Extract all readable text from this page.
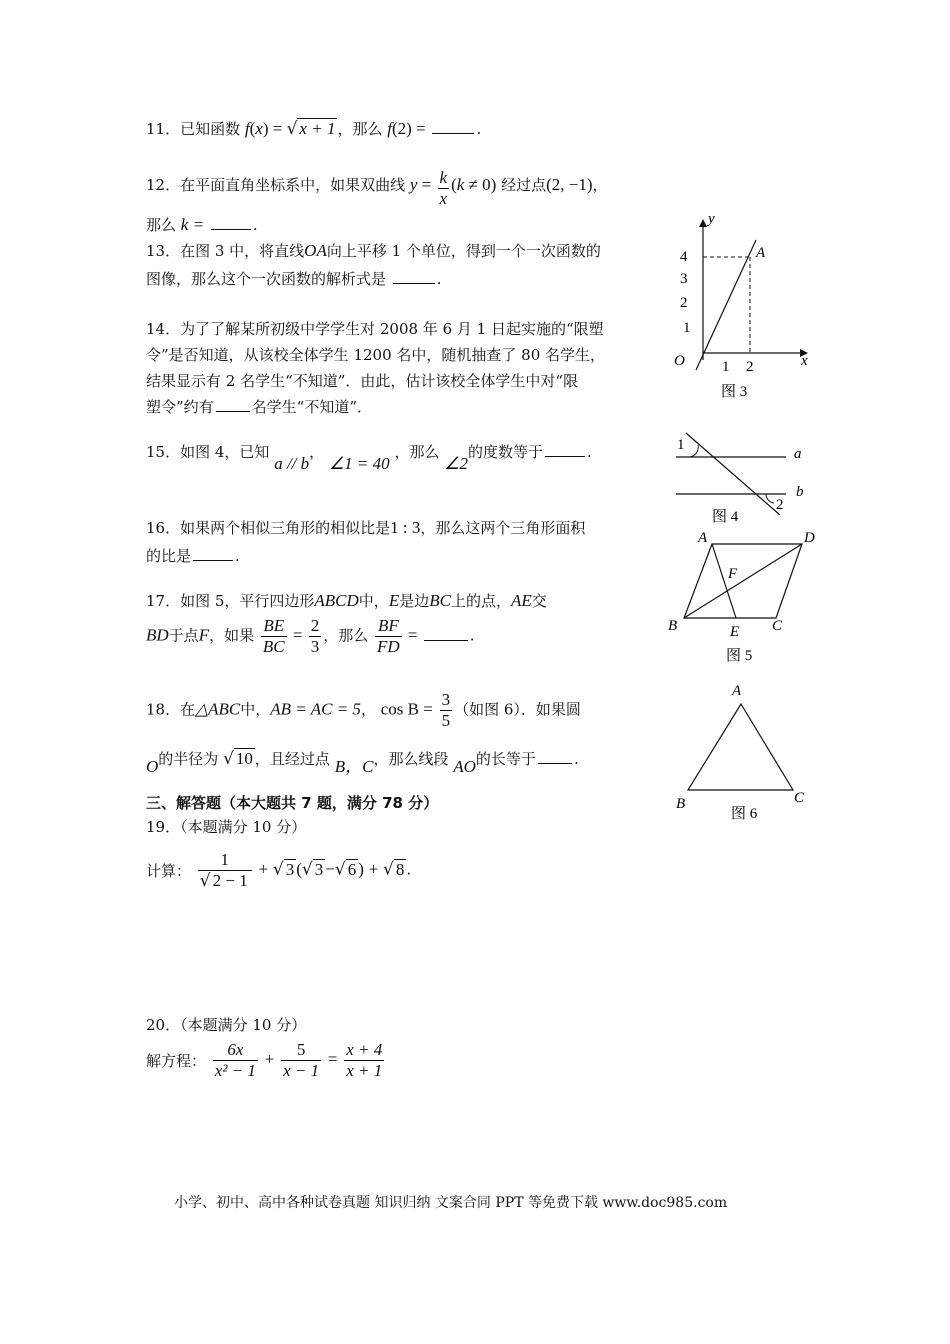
11．已知函数 f(x) = √ x + 1 ，那么 f(2) =	.
12．在平面直角坐标系中，如果双曲线 $y = \frac{k}{x} (k \ne 0)$ 经过点(2, −1)，
那么 k =	.
13．在图 3 中，将直线OA向上平移 1 个单位，得到一个一次函数的
图像，那么这个一次函数的解析式是	.
14．为了了解某所初级中学学生对 2008 年 6 月 1 日起实施的“限塑
令”是否知道，从该校全体学生 1200 名中，随机抽查了 80 名学生，
结果显示有 2 名学生“不知道”．由此，估计该校全体学生中对“限
塑令”约有	名学生“不知道”．
15．如图 4，已知 a // b， ∠1 = 40 ，那么 ∠2的度数等于	.
16．如果两个相似三角形的相似比是1 : 3，那么这两个三角形面积
的比是	.
17．如图 5，平行四边形ABCD中，E是边BC上的点，AE交
BD于点F，如果 $\frac{BE}{BC} = \frac{2}{3}$ ，那么 $\frac{BF}{FD}$ =	.
18．在△ABC中，AB = AC = 5， $\cos B = \frac{3}{5}$ （如图 6）．如果圆
O的半径为 √ 10 ，且经过点 B，C，那么线段 AO的长等于	.
三、解答题（本大题共 7 题，满分 78 分）
19．（本题满分 10 分）
计算： $\frac{1}{√ 2 - 1}$ + √ 3 (√ 3 −√ 6 ) + √ 8 .
20．（本题满分 10 分）
解方程： $\frac{6x}{\text{x² − 1}} + \frac{5}{x - 1} = \frac{x + 4}{x + 1}$
y
x
O
A
4
3
2
1
1 2
图 3
1
2
a
b
图 4
A	D
B	C
E
F
图 5
A
B	C
图 6
小学、初中、高中各种试卷真题 知识归纳 文案合同 PPT 等免费下载 www.doc985.com
